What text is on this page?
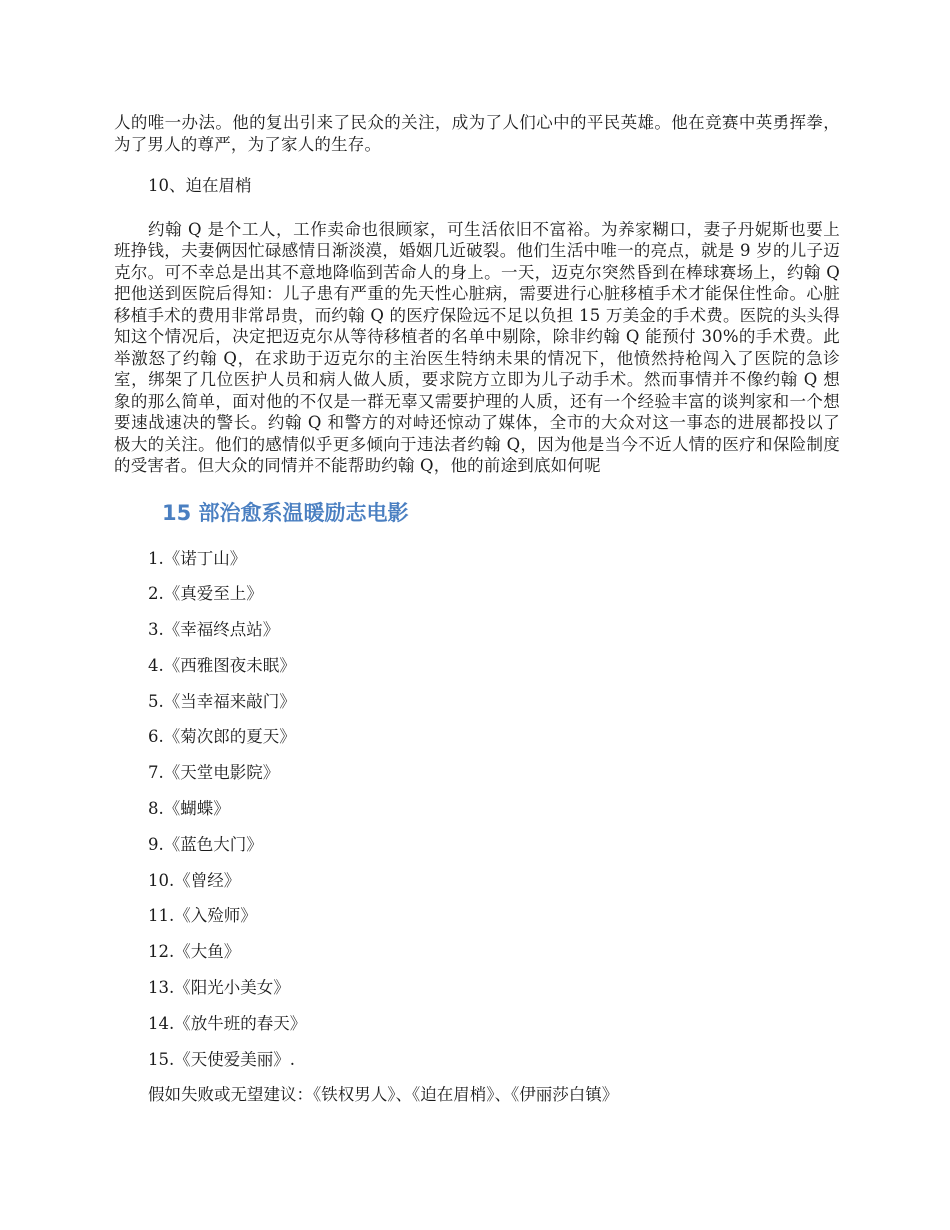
人的唯一办法。他的复出引来了民众的关注，成为了人们心中的平民英雄。他在竞赛中英勇挥拳，为了男人的尊严，为了家人的生存。

10、迫在眉梢

约翰 Q 是个工人，工作卖命也很顾家，可生活依旧不富裕。为养家糊口，妻子丹妮斯也要上班挣钱，夫妻俩因忙碌感情日渐淡漠，婚姻几近破裂。他们生活中唯一的亮点，就是 9 岁的儿子迈克尔。可不幸总是出其不意地降临到苦命人的身上。一天，迈克尔突然昏到在棒球赛场上，约翰 Q 把他送到医院后得知：儿子患有严重的先天性心脏病，需要进行心脏移植手术才能保住性命。心脏移植手术的费用非常昂贵，而约翰 Q 的医疗保险远不足以负担 15 万美金的手术费。医院的头头得知这个情况后，决定把迈克尔从等待移植者的名单中剔除，除非约翰 Q 能预付 30%的手术费。此举激怒了约翰 Q，在求助于迈克尔的主治医生特纳未果的情况下，他愤然持枪闯入了医院的急诊室，绑架了几位医护人员和病人做人质，要求院方立即为儿子动手术。然而事情并不像约翰 Q 想象的那么简单，面对他的不仅是一群无辜又需要护理的人质，还有一个经验丰富的谈判家和一个想要速战速决的警长。约翰 Q 和警方的对峙还惊动了媒体，全市的大众对这一事态的进展都投以了极大的关注。他们的感情似乎更多倾向于违法者约翰 Q，因为他是当今不近人情的医疗和保险制度的受害者。但大众的同情并不能帮助约翰 Q，他的前途到底如何呢

15 部治愈系温暖励志电影
1.《诺丁山》
2.《真爱至上》
3.《幸福终点站》
4.《西雅图夜未眠》
5.《当幸福来敲门》
6.《菊次郎的夏天》
7.《天堂电影院》
8.《蝴蝶》
9.《蓝色大门》
10.《曾经》
11.《入殓师》
12.《大鱼》
13.《阳光小美女》
14.《放牛班的春天》
15.《天使爱美丽》.

假如失败或无望建议：《铁权男人》、《迫在眉梢》、《伊丽莎白镇》
